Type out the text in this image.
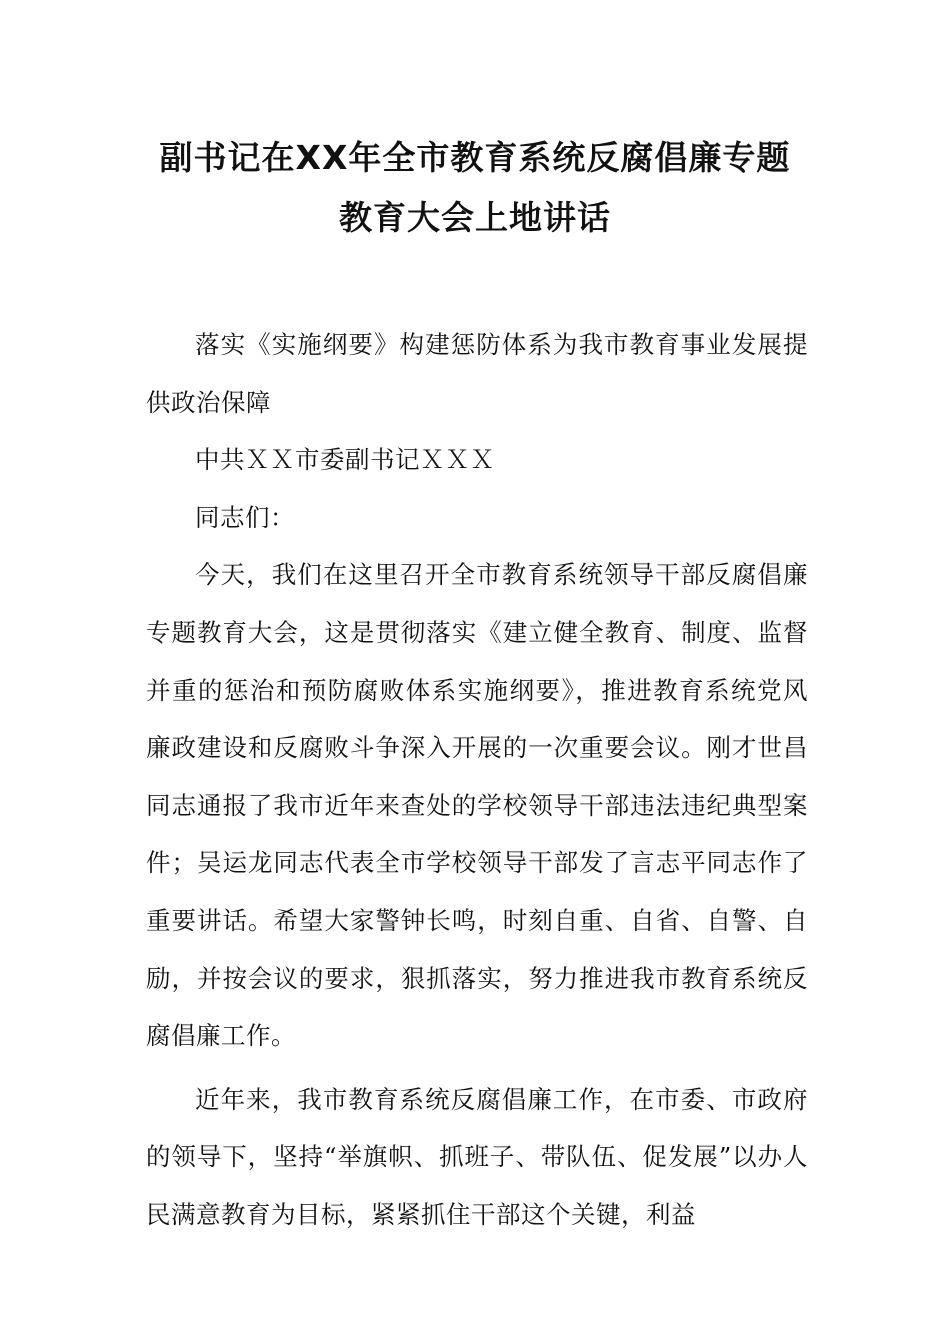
副书记在XX年全市教育系统反腐倡廉专题
教育大会上地讲话

落实《实施纲要》构建惩防体系为我市教育事业发展提供政治保障

中共ＸＸ市委副书记ＸＸＸ

同志们：

今天，我们在这里召开全市教育系统领导干部反腐倡廉专题教育大会，这是贯彻落实《建立健全教育、制度、监督并重的惩治和预防腐败体系实施纲要》，推进教育系统党风廉政建设和反腐败斗争深入开展的一次重要会议。刚才世昌同志通报了我市近年来查处的学校领导干部违法违纪典型案件；吴运龙同志代表全市学校领导干部发了言志平同志作了重要讲话。希望大家警钟长鸣，时刻自重、自省、自警、自励，并按会议的要求，狠抓落实，努力推进我市教育系统反腐倡廉工作。

近年来，我市教育系统反腐倡廉工作，在市委、市政府的领导下，坚持“举旗帜、抓班子、带队伍、促发展”以办人民满意教育为目标，紧紧抓住干部这个关键，利益
